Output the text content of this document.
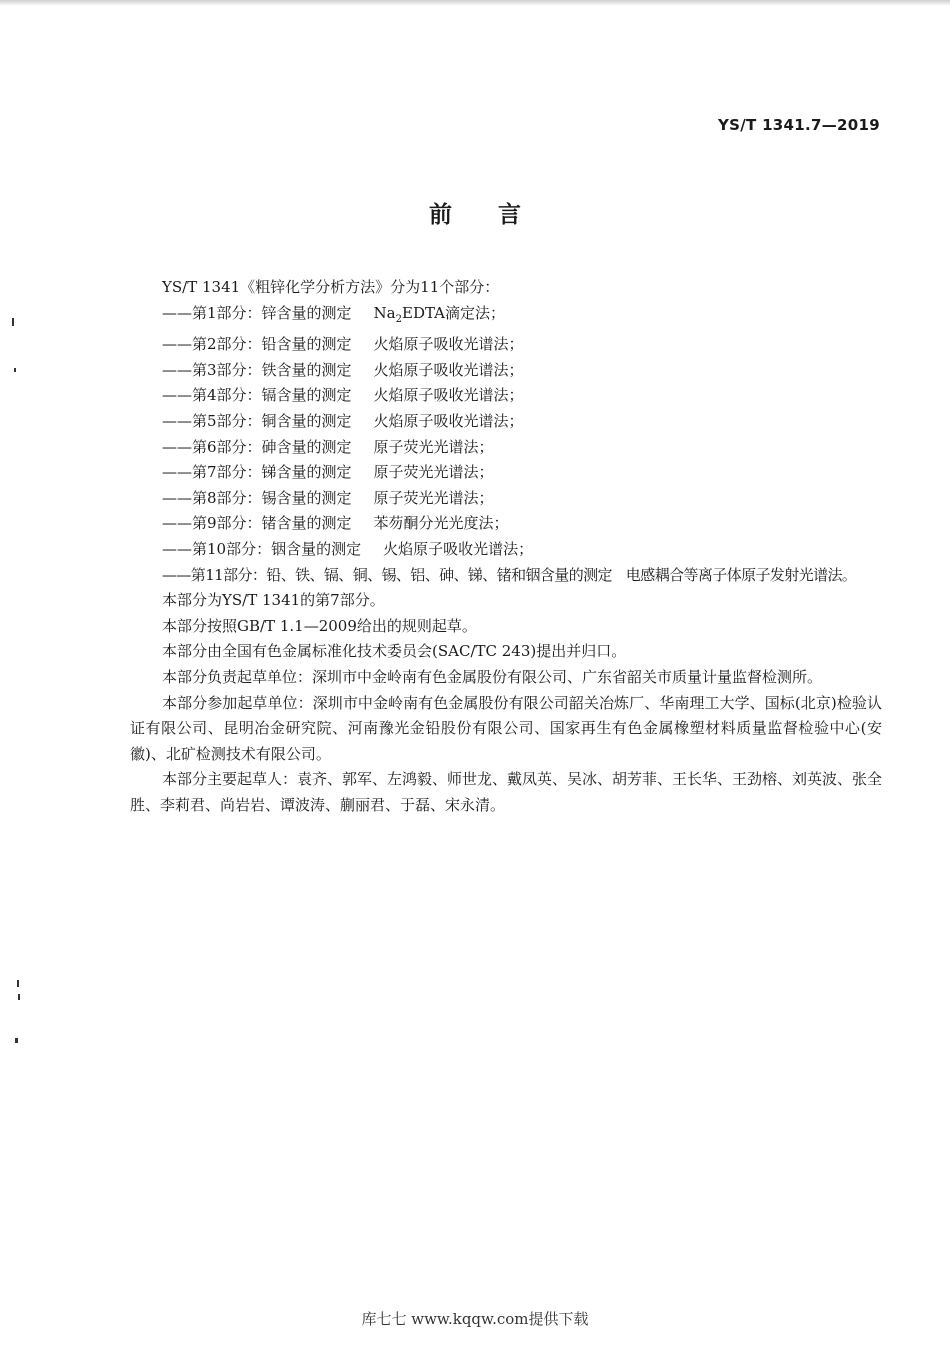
YS/T 1341.7—2019
前 言

YS/T 1341《粗锌化学分析方法》分为11个部分：

——第1部分：锌含量的测定 $Na_2EDTA$滴定法；

——第2部分：铅含量的测定 火焰原子吸收光谱法；

——第3部分：铁含量的测定 火焰原子吸收光谱法；

——第4部分：镉含量的测定 火焰原子吸收光谱法；

——第5部分：铜含量的测定 火焰原子吸收光谱法；

——第6部分：砷含量的测定 原子荧光光谱法；

——第7部分：锑含量的测定 原子荧光光谱法；

——第8部分：锡含量的测定 原子荧光光谱法；

——第9部分：锗含量的测定 苯芴酮分光光度法；

——第10部分：铟含量的测定 火焰原子吸收光谱法；

——第11部分：铅、铁、镉、铜、锡、铝、砷、锑、锗和铟含量的测定 电感耦合等离子体原子发射光谱法。

本部分为YS/T 1341的第7部分。

本部分按照GB/T 1.1—2009给出的规则起草。

本部分由全国有色金属标准化技术委员会(SAC/TC 243)提出并归口。

本部分负责起草单位：深圳市中金岭南有色金属股份有限公司、广东省韶关市质量计量监督检测所。

本部分参加起草单位：深圳市中金岭南有色金属股份有限公司韶关冶炼厂、华南理工大学、国标(北京)检验认证有限公司、昆明冶金研究院、河南豫光金铅股份有限公司、国家再生有色金属橡塑材料质量监督检验中心(安徽)、北矿检测技术有限公司。

本部分主要起草人：袁齐、郭军、左鸿毅、师世龙、戴凤英、吴冰、胡芳菲、王长华、王劲榕、刘英波、张全胜、李莉君、尚岩岩、谭波涛、蒯丽君、于磊、宋永清。

库七七 www.kqqw.com提供下载
